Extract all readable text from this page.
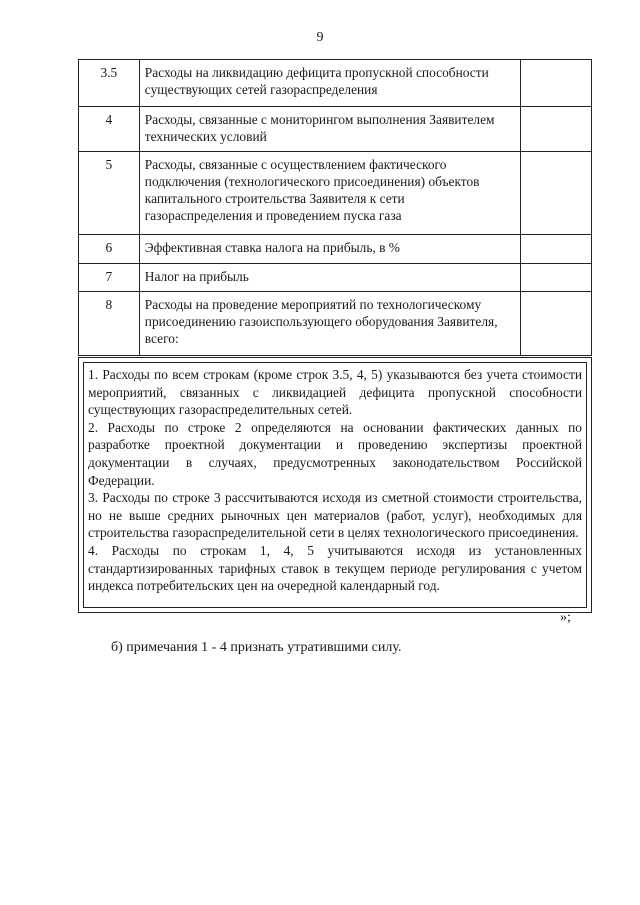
9
3.5	Расходы на ликвидацию дефицита пропускной способности существующих сетей газораспределения	
4	Расходы, связанные с мониторингом выполнения Заявителем технических условий	
5	Расходы, связанные с осуществлением фактического подключения (технологического присоединения) объектов капитального строительства Заявителя к сети газораспределения и проведением пуска газа	
6	Эффективная ставка налога на прибыль, в %	
7	Налог на прибыль	
8	Расходы на проведение мероприятий по технологическому присоединению газоиспользующего оборудования Заявителя, всего:	

1. Расходы по всем строкам (кроме строк 3.5, 4, 5) указываются без учета стоимости мероприятий, связанных с ликвидацией дефицита пропускной способности существующих газораспределительных сетей.

2. Расходы по строке 2 определяются на основании фактических данных по разработке проектной документации и проведению экспертизы проектной документации в случаях, предусмотренных законодательством Российской Федерации.

3. Расходы по строке 3 рассчитываются исходя из сметной стоимости строительства, но не выше средних рыночных цен материалов (работ, услуг), необходимых для строительства газораспределительной сети в целях технологического присоединения.

4. Расходы по строкам 1, 4, 5 учитываются исходя из установленных стандартизированных тарифных ставок в текущем периоде регулирования с учетом индекса потребительских цен на очередной календарный год.

»;
б) примечания 1 - 4 признать утратившими силу.
